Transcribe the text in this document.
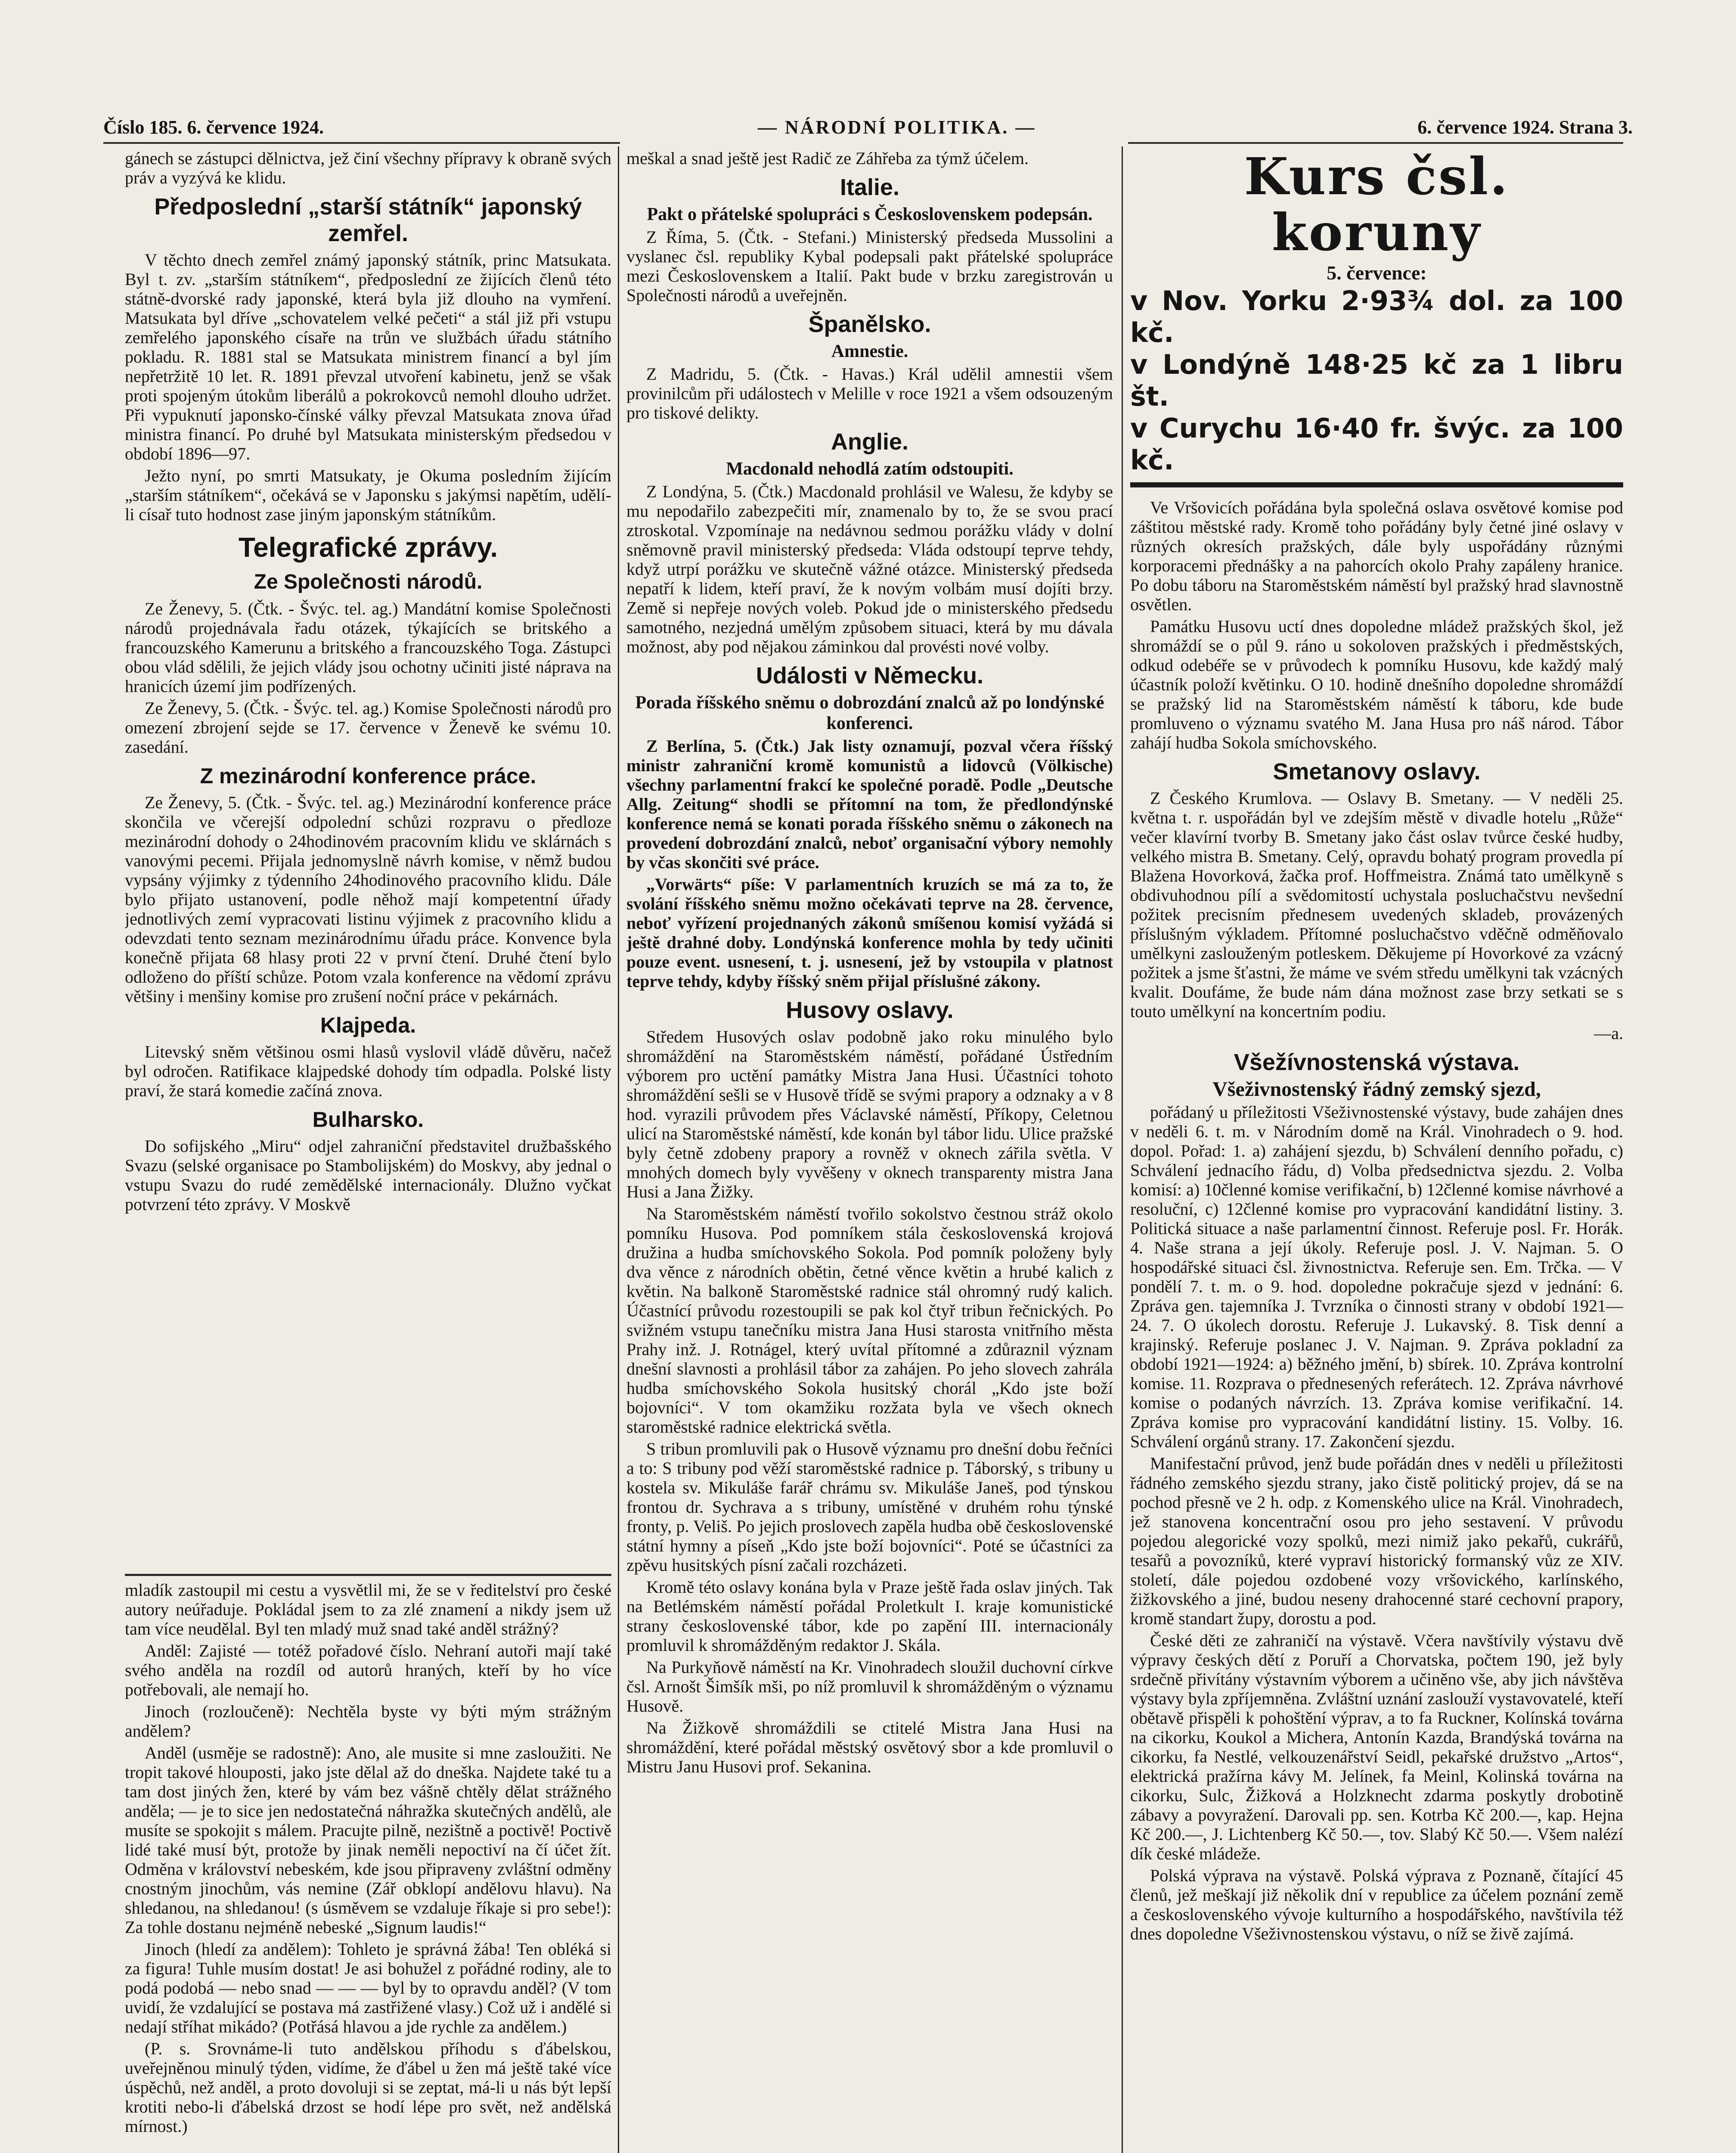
Číslo 185. 6. července 1924.	— NÁRODNÍ POLITIKA. —	6. července 1924. Strana 3.

gánech se zástupci dělnictva, jež činí všechny přípravy k obraně svých práv a vyzývá ke klidu.

Předposlední „starší státník“ japonský zemřel.

V těchto dnech zemřel známý japonský státník, princ Matsukata. Byl t. zv. „starším státníkem“, předposlední ze žijících členů této státně-dvorské rady japonské, která byla již dlouho na vymření. Matsukata byl dříve „schovatelem velké pečeti“ a stál již při vstupu zemřelého japonského císaře na trůn ve službách úřadu státního pokladu. R. 1881 stal se Matsukata ministrem financí a byl jím nepřetržitě 10 let. R. 1891 převzal utvoření kabinetu, jenž se však proti spojeným útokům liberálů a pokrokovců nemohl dlouho udržet. Při vypuknutí japonsko-čínské války převzal Matsukata znova úřad ministra financí. Po druhé byl Matsukata ministerským předsedou v období 1896—97.

Ježto nyní, po smrti Matsukaty, je Okuma posledním žijícím „starším státníkem“, očekává se v Japonsku s jakýmsi napětím, udělí-li císař tuto hodnost zase jiným japonským státníkům.

Telegrafické zprávy.
Ze Společnosti národů.

Ze Ženevy, 5. (Čtk. - Švýc. tel. ag.) Mandátní komise Společnosti národů projednávala řadu otázek, týkajících se britského a francouzského Kamerunu a britského a francouzského Toga. Zástupci obou vlád sdělili, že jejich vlády jsou ochotny učiniti jisté náprava na hranicích území jim podřízených.

Ze Ženevy, 5. (Čtk. - Švýc. tel. ag.) Komise Společnosti národů pro omezení zbrojení sejde se 17. července v Ženevě ke svému 10. zasedání.

Z mezinárodní konference práce.

Ze Ženevy, 5. (Čtk. - Švýc. tel. ag.) Mezinárodní konference práce skončila ve včerejší odpolední schůzi rozpravu o předloze mezinárodní dohody o 24hodinovém pracovním klidu ve sklárnách s vanovými pecemi. Přijala jednomyslně návrh komise, v němž budou vypsány výjimky z týdenního 24hodinového pracovního klidu. Dále bylo přijato ustanovení, podle něhož mají kompetentní úřady jednotlivých zemí vypracovati listinu výjimek z pracovního klidu a odevzdati tento seznam mezinárodnímu úřadu práce. Konvence byla konečně přijata 68 hlasy proti 22 v první čtení. Druhé čtení bylo odloženo do příští schůze. Potom vzala konference na vědomí zprávu většiny i menšiny komise pro zrušení noční práce v pekárnách.

Klajpeda.

Litevský sněm většinou osmi hlasů vyslovil vládě důvěru, načež byl odročen. Ratifikace klajpedské dohody tím odpadla. Polské listy praví, že stará komedie začíná znova.

Bulharsko.

Do sofijského „Miru“ odjel zahraniční představitel družbašského Svazu (selské organisace po Stambolijském) do Moskvy, aby jednal o vstupu Svazu do rudé zemědělské internacionály. Dlužno vyčkat potvrzení této zprávy. V Moskvě

meškal a snad ještě jest Radič ze Záhřeba za týmž účelem.

Italie.
Pakt o přátelské spolupráci s Československem podepsán.

Z Říma, 5. (Čtk. - Stefani.) Ministerský předseda Mussolini a vyslanec čsl. republiky Kybal podepsali pakt přátelské spolupráce mezi Československem a Italií. Pakt bude v brzku zaregistrován u Společnosti národů a uveřejněn.

Španělsko.
Amnestie.

Z Madridu, 5. (Čtk. - Havas.) Král udělil amnestii všem provinilcům při událostech v Melille v roce 1921 a všem odsouzeným pro tiskové delikty.

Anglie.
Macdonald nehodlá zatím odstoupiti.

Z Londýna, 5. (Čtk.) Macdonald prohlásil ve Walesu, že kdyby se mu nepodařilo zabezpečiti mír, znamenalo by to, že se svou prací ztroskotal. Vzpomínaje na nedávnou sedmou porážku vlády v dolní sněmovně pravil ministerský předseda: Vláda odstoupí teprve tehdy, když utrpí porážku ve skutečně vážné otázce. Ministerský předseda nepatří k lidem, kteří praví, že k novým volbám musí dojíti brzy. Země si nepřeje nových voleb. Pokud jde o ministerského předsedu samotného, nezjedná umělým způsobem situaci, která by mu dávala možnost, aby pod nějakou záminkou dal provésti nové volby.

Události v Německu.
Porada říšského sněmu o dobrozdání znalců až po londýnské konferenci.

Z Berlína, 5. (Čtk.) Jak listy oznamují, pozval včera říšský ministr zahraniční kromě komunistů a lidovců (Völkische) všechny parlamentní frakcí ke společné poradě. Podle „Deutsche Allg. Zeitung“ shodli se přítomní na tom, že předlondýnské konference nemá se konati porada říšského sněmu o zákonech na provedení dobrozdání znalců, neboť organisační výbory nemohly by včas skončiti své práce.

„Vorwärts“ píše: V parlamentních kruzích se má za to, že svolání říšského sněmu možno očekávati teprve na 28. července, neboť vyřízení projednaných zákonů smíšenou komisí vyžádá si ještě drahné doby. Londýnská konference mohla by tedy učiniti pouze event. usnesení, t. j. usnesení, jež by vstoupila v platnost teprve tehdy, kdyby říšský sněm přijal příslušné zákony.

Husovy oslavy.

Středem Husových oslav podobně jako roku minulého bylo shromáždění na Staroměstském náměstí, pořádané Ústředním výborem pro uctění památky Mistra Jana Husi. Účastníci tohoto shromáždění sešli se v Husově třídě se svými prapory a odznaky a v 8 hod. vyrazili průvodem přes Václavské náměstí, Příkopy, Celetnou ulicí na Staroměstské náměstí, kde konán byl tábor lidu. Ulice pražské byly četně zdobeny prapory a rovněž v oknech zářila světla. V mnohých domech byly vyvěšeny v oknech transparenty mistra Jana Husi a Jana Žižky.

Na Staroměstském náměstí tvořilo sokolstvo čestnou stráž okolo pomníku Husova. Pod pomníkem stála československá krojová družina a hudba smíchovského Sokola. Pod pomník položeny byly dva věnce z národních obětin, četné věnce květin a hrubé kalich z květin. Na balkoně Staroměstské radnice stál ohromný rudý kalich. Účastnící průvodu rozestoupili se pak kol čtyř tribun řečnických. Po svižném vstupu tanečníku mistra Jana Husi starosta vnitřního města Prahy inž. J. Rotnágel, který uvítal přítomné a zdůraznil význam dnešní slavnosti a prohlásil tábor za zahájen. Po jeho slovech zahrála hudba smíchovského Sokola husitský chorál „Kdo jste boží bojovníci“. V tom okamžiku rozžata byla ve všech oknech staroměstské radnice elektrická světla.

S tribun promluvili pak o Husově významu pro dnešní dobu řečníci a to: S tribuny pod věží staroměstské radnice p. Táborský, s tribuny u kostela sv. Mikuláše farář chrámu sv. Mikuláše Janeš, pod týnskou frontou dr. Sychrava a s tribuny, umístěné v druhém rohu týnské fronty, p. Veliš. Po jejich proslovech zapěla hudba obě československé státní hymny a píseň „Kdo jste boží bojovníci“. Poté se účastníci za zpěvu husitských písní začali rozcházeti.

Kromě této oslavy konána byla v Praze ještě řada oslav jiných. Tak na Betlémském náměstí pořádal Proletkult I. kraje komunistické strany československé tábor, kde po zapění III. internacionály promluvil k shromážděným redaktor J. Skála.

Na Purkyňově náměstí na Kr. Vinohradech sloužil duchovní církve čsl. Arnošt Šimšík mši, po níž promluvil k shromážděným o významu Husově.

Na Žižkově shromáždili se ctitelé Mistra Jana Husi na shromáždění, které pořádal městský osvětový sbor a kde promluvil o Mistru Janu Husovi prof. Sekanina.

Kurs čsl. koruny
5. července:
v Nov. Yorku 2·93¾ dol. za 100 kč.
v Londýně 148·25 kč za 1 libru št.
v Curychu 16·40 fr. švýc. za 100 kč.

Ve Vršovicích pořádána byla společná oslava osvětové komise pod záštitou městské rady. Kromě toho pořádány byly četné jiné oslavy v různých okresích pražských, dále byly uspořádány různými korporacemi přednášky a na pahorcích okolo Prahy zapáleny hranice. Po dobu táboru na Staroměstském náměstí byl pražský hrad slavnostně osvětlen.

Památku Husovu uctí dnes dopoledne mládež pražských škol, jež shromáždí se o půl 9. ráno u sokoloven pražských i předměstských, odkud odebéře se v průvodech k pomníku Husovu, kde každý malý účastník položí květinku. O 10. hodině dnešního dopoledne shromáždí se pražský lid na Staroměstském náměstí k táboru, kde bude promluveno o významu svatého M. Jana Husa pro náš národ. Tábor zahájí hudba Sokola smíchovského.

Smetanovy oslavy.

Z Českého Krumlova. — Oslavy B. Smetany. — V neděli 25. května t. r. uspořádán byl ve zdejším městě v divadle hotelu „Růže“ večer klavírní tvorby B. Smetany jako část oslav tvůrce české hudby, velkého mistra B. Smetany. Celý, opravdu bohatý program provedla pí Blažena Hovorková, žačka prof. Hoffmeistra. Známá tato umělkyně s obdivuhodnou pílí a svědomitostí uchystala posluchačstvu nevšední požitek precisním přednesem uvedených skladeb, provázených příslušným výkladem. Přítomné posluchačstvo vděčně odměňovalo umělkyni zaslouženým potleskem. Děkujeme pí Hovorkové za vzácný požitek a jsme šťastni, že máme ve svém středu umělkyni tak vzácných kvalit. Doufáme, že bude nám dána možnost zase brzy setkati se s touto umělkyní na koncertním podiu.

—a.

Všežívnostenská výstava.
Všeživnostenský řádný zemský sjezd,

pořádaný u příležitosti Všeživnostenské výstavy, bude zahájen dnes v neděli 6. t. m. v Národním domě na Král. Vinohradech o 9. hod. dopol. Pořad: 1. a) zahájení sjezdu, b) Schválení denního pořadu, c) Schválení jednacího řádu, d) Volba předsednictva sjezdu. 2. Volba komisí: a) 10členné komise verifikační, b) 12členné komise návrhové a resoluční, c) 12členné komise pro vypracování kandidátní listiny. 3. Politická situace a naše parlamentní činnost. Referuje posl. Fr. Horák. 4. Naše strana a její úkoly. Referuje posl. J. V. Najman. 5. O hospodářské situaci čsl. živnostnictva. Referuje sen. Em. Trčka. — V pondělí 7. t. m. o 9. hod. dopoledne pokračuje sjezd v jednání: 6. Zpráva gen. tajemníka J. Tvrzníka o činnosti strany v období 1921—24. 7. O úkolech dorostu. Referuje J. Lukavský. 8. Tisk denní a krajinský. Referuje poslanec J. V. Najman. 9. Zpráva pokladní za období 1921—1924: a) běžného jmění, b) sbírek. 10. Zpráva kontrolní komise. 11. Rozprava o přednesených referátech. 12. Zpráva návrhové komise o podaných návrzích. 13. Zpráva komise verifikační. 14. Zpráva komise pro vypracování kandidátní listiny. 15. Volby. 16. Schválení orgánů strany. 17. Zakončení sjezdu.

Manifestační průvod, jenž bude pořádán dnes v neděli u příležitosti řádného zemského sjezdu strany, jako čistě politický projev, dá se na pochod přesně ve 2 h. odp. z Komenského ulice na Král. Vinohradech, jež stanovena koncentrační osou pro jeho sestavení. V průvodu pojedou alegorické vozy spolků, mezi nimiž jako pekařů, cukrářů, tesařů a povozníků, které vypraví historický formanský vůz ze XIV. století, dále pojedou ozdobené vozy vršovického, karlínského, žižkovského a jiné, budou neseny drahocenné staré cechovní prapory, kromě standart župy, dorostu a pod.

České děti ze zahraničí na výstavě. Včera navštívily výstavu dvě výpravy českých dětí z Poruří a Chorvatska, počtem 190, jež byly srdečně přivítány výstavním výborem a učiněno vše, aby jich návštěva výstavy byla zpříjemněna. Zvláštní uznání zaslouží vystavovatelé, kteří obětavě přispěli k pohoštění výprav, a to fa Ruckner, Kolínská továrna na cikorku, Koukol a Michera, Antonín Kazda, Brandýská továrna na cikorku, fa Nestlé, velkouzenářství Seidl, pekařské družstvo „Artos“, elektrická pražírna kávy M. Jelínek, fa Meinl, Kolinská továrna na cikorku, Sulc, Žižková a Holzknecht zdarma poskytly drobotině zábavy a povyražení. Darovali pp. sen. Kotrba Kč 200.—, kap. Hejna Kč 200.—, J. Lichtenberg Kč 50.—, tov. Slabý Kč 50.—. Všem nalézí dík české mládeže.

Polská výprava na výstavě. Polská výprava z Poznaně, čítající 45 členů, jež meškají již několik dní v republice za účelem poznání země a československého vývoje kulturního a hospodářského, navštívila též dnes dopoledne Všeživnostenskou výstavu, o níž se živě zajímá.

mladík zastoupil mi cestu a vysvětlil mi, že se v ředitelství pro české autory neúřaduje. Pokládal jsem to za zlé znamení a nikdy jsem už tam více neudělal. Byl ten mladý muž snad také anděl strážný?

Anděl: Zajisté — totéž pořadové číslo. Nehraní autoři mají také svého anděla na rozdíl od autorů hraných, kteří by ho více potřebovali, ale nemají ho.

Jinoch (rozloučeně): Nechtěla byste vy býti mým strážným andělem?

Anděl (usměje se radostně): Ano, ale musite si mne zasloužiti. Ne tropit takové hlouposti, jako jste dělal až do dneška. Najdete také tu a tam dost jiných žen, které by vám bez vášně chtěly dělat strážného anděla; — je to sice jen nedostatečná náhražka skutečných andělů, ale musíte se spokojit s málem. Pracujte pilně, nezištně a poctivě! Poctivě lidé také musí být, protože by jinak neměli nepoctiví na čí účet žít. Odměna v království nebeském, kde jsou připraveny zvláštní odměny cnostným jinochům, vás nemine (Zář obklopí andělovu hlavu). Na shledanou, na shledanou! (s úsměvem se vzdaluje říkaje si pro sebe!): Za tohle dostanu nejméně nebeské „Signum laudis!“

Jinoch (hledí za andělem): Tohleto je správná žába! Ten obléká si za figura! Tuhle musím dostat! Je asi bohužel z pořádné rodiny, ale to podá podobá — nebo snad — — — byl by to opravdu anděl? (V tom uvidí, že vzdalující se postava má zastřižené vlasy.) Což už i andělé si nedají stříhat mikádo? (Potřásá hlavou a jde rychle za andělem.)

(P. s. Srovnáme-li tuto andělskou příhodu s ďábelskou, uveřejněnou minulý týden, vidíme, že ďábel u žen má ještě také více úspěchů, než anděl, a proto dovoluji si se zeptat, má-li u nás být lepší krotiti nebo-li ďábelská drzost se hodí lépe pro svět, než andělská mírnost.)
